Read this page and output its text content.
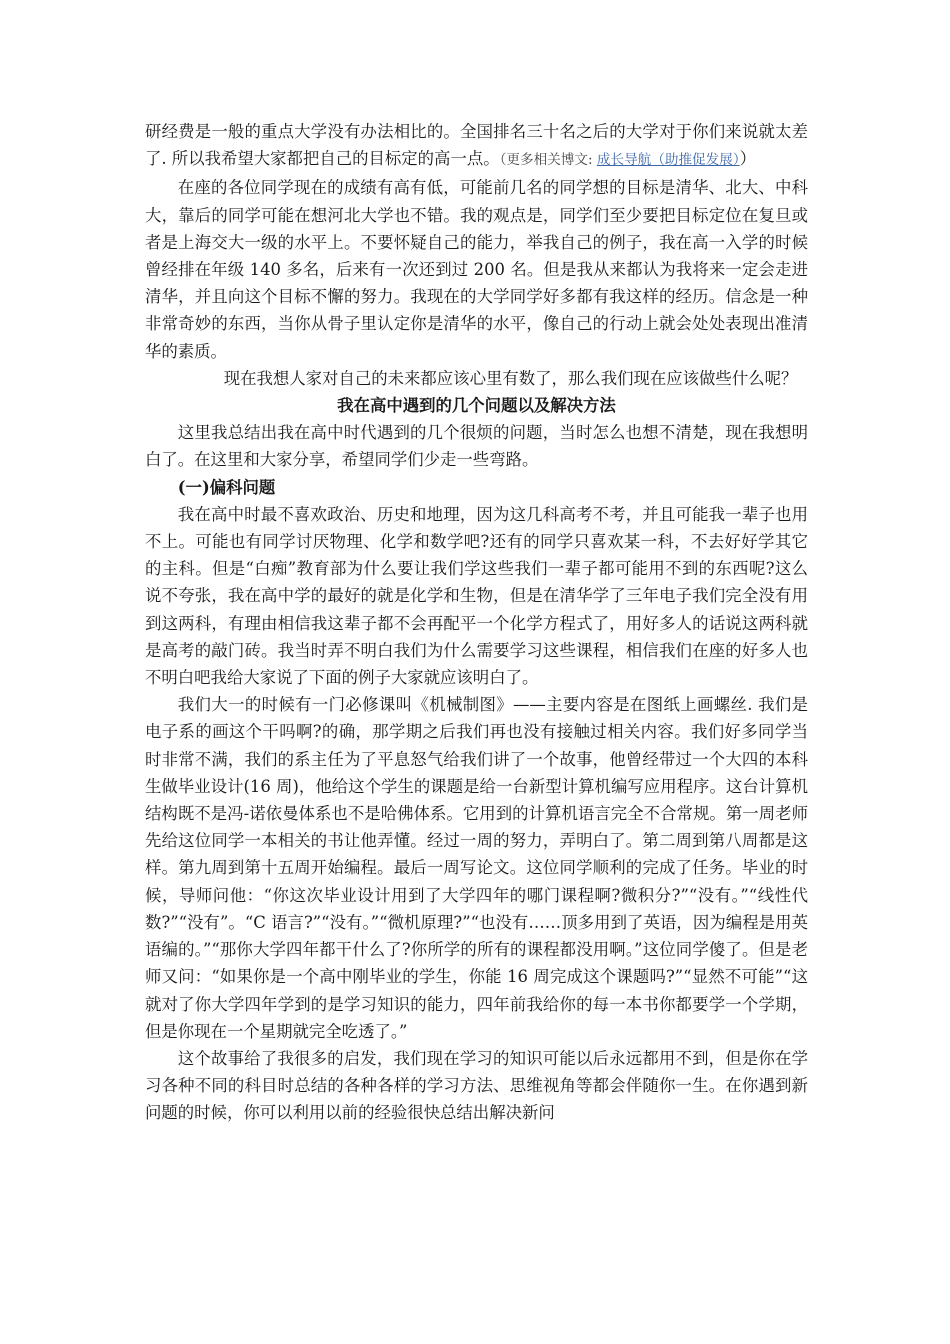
研经费是一般的重点大学没有办法相比的。全国排名三十名之后的大学对于你们来说就太差了. 所以我希望大家都把自己的目标定的高一点。（更多相关博文: 成长导航（助推促发展））

在座的各位同学现在的成绩有高有低，可能前几名的同学想的目标是清华、北大、中科大，靠后的同学可能在想河北大学也不错。我的观点是，同学们至少要把目标定位在复旦或者是上海交大一级的水平上。不要怀疑自己的能力，举我自己的例子，我在高一入学的时候曾经排在年级 140 多名，后来有一次还到过 200 名。但是我从来都认为我将来一定会走进清华，并且向这个目标不懈的努力。我现在的大学同学好多都有我这样的经历。信念是一种非常奇妙的东西，当你从骨子里认定你是清华的水平，像自己的行动上就会处处表现出准清华的素质。

现在我想人家对自己的未来都应该心里有数了，那么我们现在应该做些什么呢？

我在高中遇到的几个问题以及解决方法

这里我总结出我在高中时代遇到的几个很烦的问题，当时怎么也想不清楚，现在我想明白了。在这里和大家分享，希望同学们少走一些弯路。

(一)偏科问题

我在高中时最不喜欢政治、历史和地理，因为这几科高考不考，并且可能我一辈子也用不上。可能也有同学讨厌物理、化学和数学吧?还有的同学只喜欢某一科，不去好好学其它的主科。但是“白痴”教育部为什么要让我们学这些我们一辈子都可能用不到的东西呢?这么说不夸张，我在高中学的最好的就是化学和生物，但是在清华学了三年电子我们完全没有用到这两科，有理由相信我这辈子都不会再配平一个化学方程式了，用好多人的话说这两科就是高考的敲门砖。我当时弄不明白我们为什么需要学习这些课程，相信我们在座的好多人也不明白吧我给大家说了下面的例子大家就应该明白了。

我们大一的时候有一门必修课叫《机械制图》——主要内容是在图纸上画螺丝. 我们是电子系的画这个干吗啊?的确，那学期之后我们再也没有接触过相关内容。我们好多同学当时非常不满，我们的系主任为了平息怒气给我们讲了一个故事，他曾经带过一个大四的本科生做毕业设计(16 周)，他给这个学生的课题是给一台新型计算机编写应用程序。这台计算机结构既不是冯-诺依曼体系也不是哈佛体系。它用到的计算机语言完全不合常规。第一周老师先给这位同学一本相关的书让他弄懂。经过一周的努力，弄明白了。第二周到第八周都是这样。第九周到第十五周开始编程。最后一周写论文。这位同学顺利的完成了任务。毕业的时候，导师问他：“你这次毕业设计用到了大学四年的哪门课程啊?微积分?”“没有。”“线性代数?”“没有”。“C 语言?”“没有。”“微机原理?”“也没有……顶多用到了英语，因为编程是用英语编的。”“那你大学四年都干什么了?你所学的所有的课程都没用啊。”这位同学傻了。但是老师又问：“如果你是一个高中刚毕业的学生，你能 16 周完成这个课题吗?”“显然不可能”“这就对了你大学四年学到的是学习知识的能力，四年前我给你的每一本书你都要学一个学期，但是你现在一个星期就完全吃透了。”

这个故事给了我很多的启发，我们现在学习的知识可能以后永远都用不到，但是你在学习各种不同的科目时总结的各种各样的学习方法、思维视角等都会伴随你一生。在你遇到新问题的时候，你可以利用以前的经验很快总结出解决新问
